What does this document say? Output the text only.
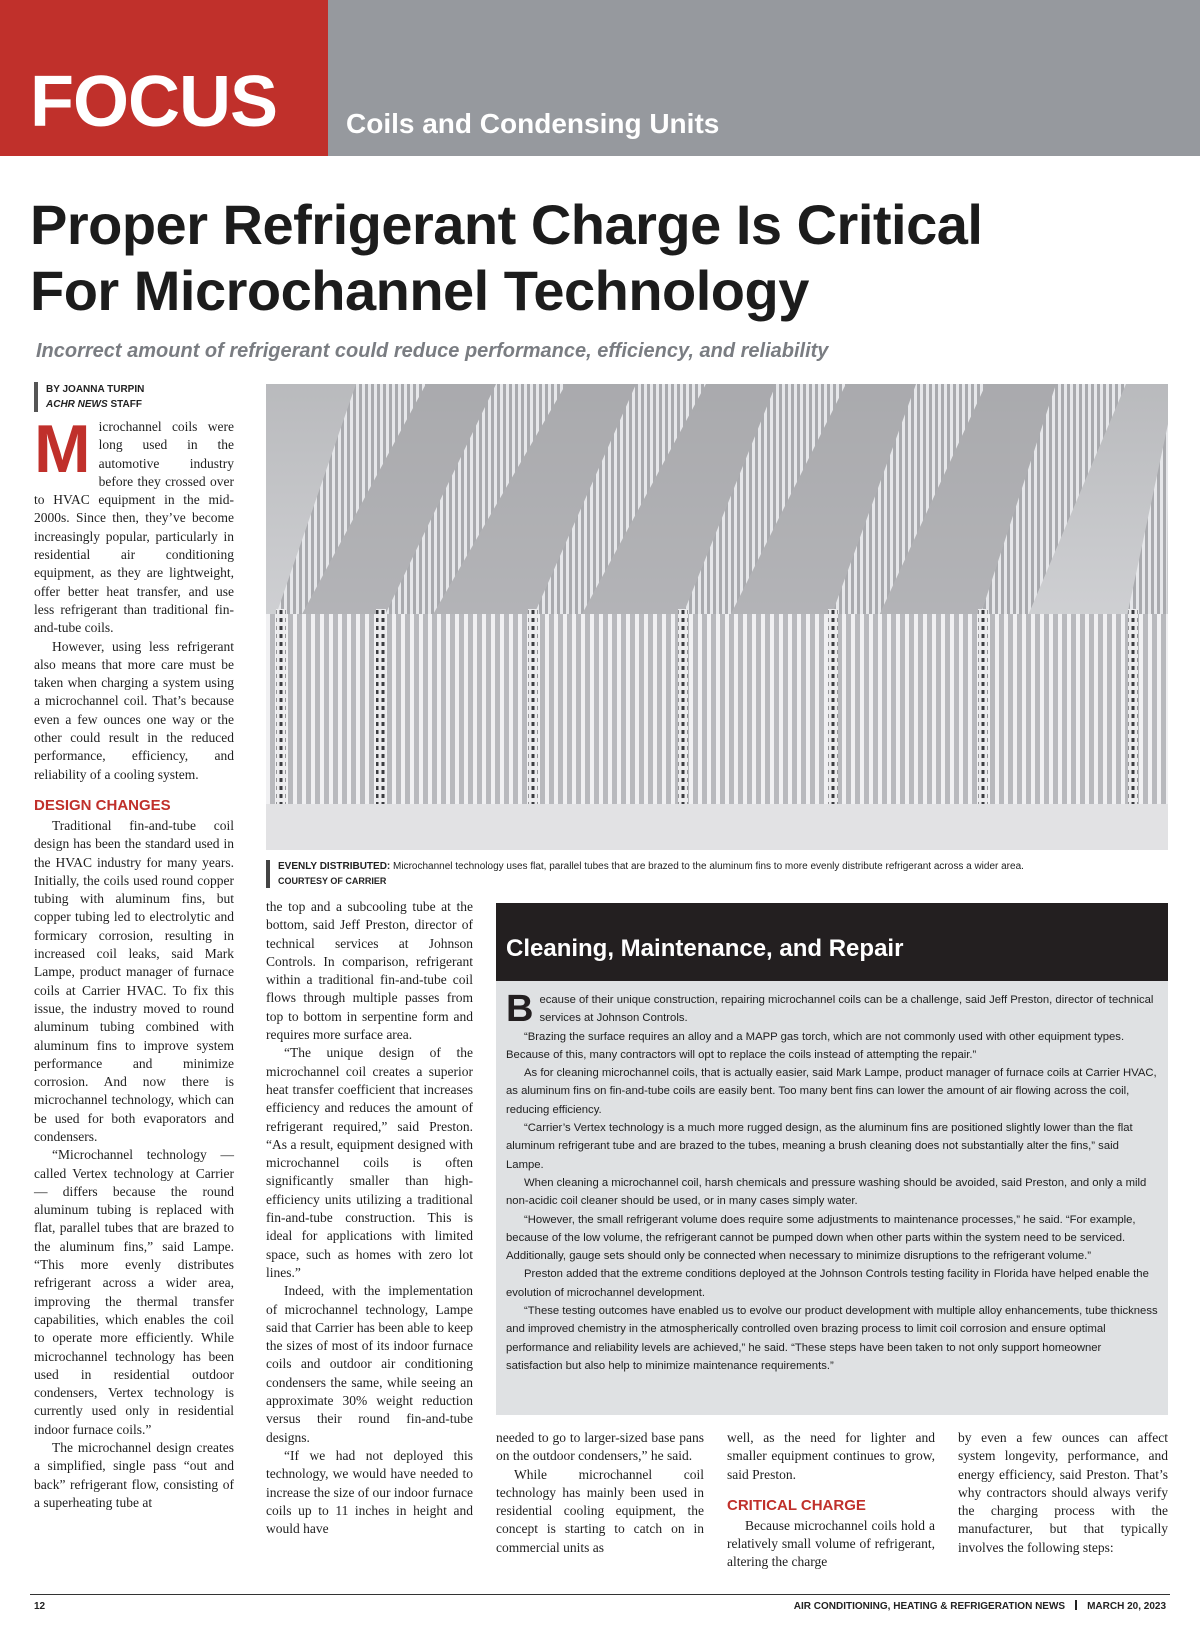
FOCUS Coils and Condensing Units
Proper Refrigerant Charge Is Critical
For Microchannel Technology
Incorrect amount of refrigerant could reduce performance, efficiency, and reliability
BY JOANNA TURPIN
ACHR NEWS STAFF

Microchannel coils were long used in the automotive industry before they crossed over to HVAC equipment in the mid-2000s. Since then, they’ve become increasingly popular, particularly in residential air conditioning equipment, as they are lightweight, offer better heat transfer, and use less refrigerant than traditional fin-and-tube coils.

However, using less refrigerant also means that more care must be taken when charging a system using a microchannel coil. That’s because even a few ounces one way or the other could result in the reduced performance, efficiency, and reliability of a cooling system.

DESIGN CHANGES

Traditional fin-and-tube coil design has been the standard used in the HVAC industry for many years. Initially, the coils used round copper tubing with aluminum fins, but copper tubing led to electrolytic and formicary corrosion, resulting in increased coil leaks, said Mark Lampe, product manager of furnace coils at Carrier HVAC. To fix this issue, the industry moved to round aluminum tubing combined with aluminum fins to improve system performance and minimize corrosion. And now there is microchannel technology, which can be used for both evaporators and condensers.

“Microchannel technology — called Vertex technology at Carrier — differs because the round aluminum tubing is replaced with flat, parallel tubes that are brazed to the aluminum fins,” said Lampe. “This more evenly distributes refrigerant across a wider area, improving the thermal transfer capabilities, which enables the coil to operate more efficiently. While microchannel technology has been used in residential outdoor condensers, Vertex technology is currently used only in residential indoor furnace coils.”

The microchannel design creates a simplified, single pass “out and back” refrigerant flow, consisting of a superheating tube at

EVENLY DISTRIBUTED: Microchannel technology uses flat, parallel tubes that are brazed to the aluminum fins to more evenly distribute refrigerant across a wider area.
COURTESY OF CARRIER

the top and a subcooling tube at the bottom, said Jeff Preston, director of technical services at Johnson Controls. In comparison, refrigerant within a traditional fin-and-tube coil flows through multiple passes from top to bottom in serpentine form and requires more surface area.

“The unique design of the microchannel coil creates a superior heat transfer coefficient that increases efficiency and reduces the amount of refrigerant required,” said Preston. “As a result, equipment designed with microchannel coils is often significantly smaller than high-efficiency units utilizing a traditional fin-and-tube construction. This is ideal for applications with limited space, such as homes with zero lot lines.”

Indeed, with the implementation of microchannel technology, Lampe said that Carrier has been able to keep the sizes of most of its indoor furnace coils and outdoor air conditioning condensers the same, while seeing an approximate 30% weight reduction versus their round fin-and-tube designs.

“If we had not deployed this technology, we would have needed to increase the size of our indoor furnace coils up to 11 inches in height and would have

Cleaning, Maintenance, and Repair

Because of their unique construction, repairing microchannel coils can be a challenge, said Jeff Preston, director of technical services at Johnson Controls.

“Brazing the surface requires an alloy and a MAPP gas torch, which are not commonly used with other equipment types. Because of this, many contractors will opt to replace the coils instead of attempting the repair.”

As for cleaning microchannel coils, that is actually easier, said Mark Lampe, product manager of furnace coils at Carrier HVAC, as aluminum fins on fin-and-tube coils are easily bent. Too many bent fins can lower the amount of air flowing across the coil, reducing efficiency.

“Carrier’s Vertex technology is a much more rugged design, as the aluminum fins are positioned slightly lower than the flat aluminum refrigerant tube and are brazed to the tubes, meaning a brush cleaning does not substantially alter the fins,” said Lampe.

When cleaning a microchannel coil, harsh chemicals and pressure washing should be avoided, said Preston, and only a mild non-acidic coil cleaner should be used, or in many cases simply water.

“However, the small refrigerant volume does require some adjustments to maintenance processes,” he said. “For example, because of the low volume, the refrigerant cannot be pumped down when other parts within the system need to be serviced. Additionally, gauge sets should only be connected when necessary to minimize disruptions to the refrigerant volume.”

Preston added that the extreme conditions deployed at the Johnson Controls testing facility in Florida have helped enable the evolution of microchannel development.

“These testing outcomes have enabled us to evolve our product development with multiple alloy enhancements, tube thickness and improved chemistry in the atmospherically controlled oven brazing process to limit coil corrosion and ensure optimal performance and reliability levels are achieved,” he said. “These steps have been taken to not only support homeowner satisfaction but also help to minimize maintenance requirements.”

needed to go to larger-sized base pans on the outdoor condensers,” he said.

While microchannel coil technology has mainly been used in residential cooling equipment, the concept is starting to catch on in commercial units as

well, as the need for lighter and smaller equipment continues to grow, said Preston.

CRITICAL CHARGE

Because microchannel coils hold a relatively small volume of refrigerant, altering the charge

by even a few ounces can affect system longevity, performance, and energy efficiency, said Preston. That’s why contractors should always verify the charging process with the manufacturer, but that typically involves the following steps:

12	AIR CONDITIONING, HEATING & REFRIGERATION NEWS MARCH 20, 2023
